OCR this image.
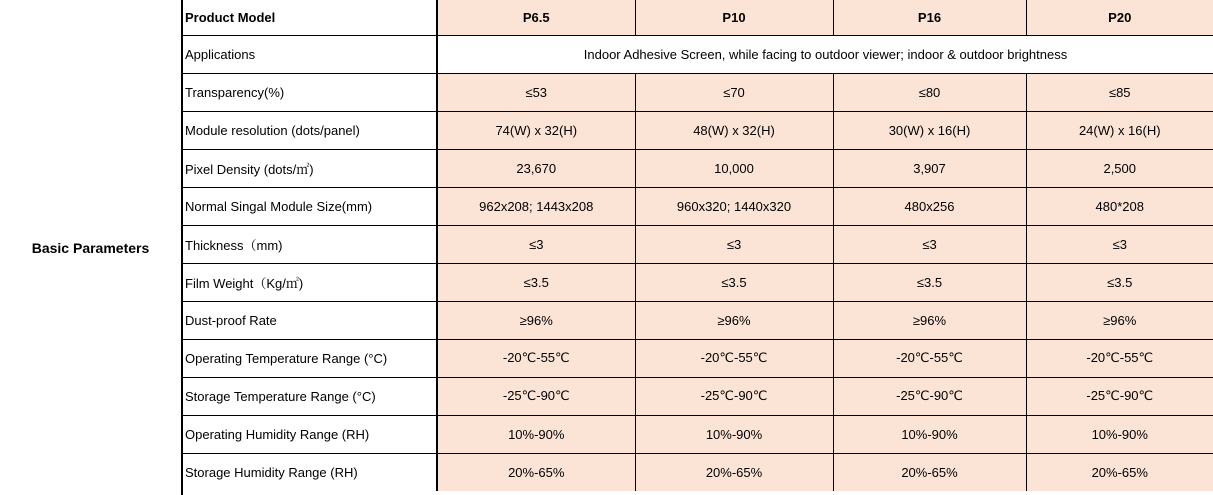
Basic Parameters
Product Model	P6.5	P10	P16	P20
Applications	Indoor Adhesive Screen, while facing to outdoor viewer; indoor & outdoor brightness			
Transparency(%)	≤53	≤70	≤80	≤85
Module resolution (dots/panel)	74(W) x 32(H)	48(W) x 32(H)	30(W) x 16(H)	24(W) x 16(H)
Pixel Density (dots/㎡)	23,670	10,000	3,907	2,500
Normal Singal Module Size(mm)	962x208; 1443x208	960x320; 1440x320	480x256	480*208
Thickness（mm)	≤3	≤3	≤3	≤3
Film Weight（Kg/㎡)	≤3.5	≤3.5	≤3.5	≤3.5
Dust-proof Rate	≥96%	≥96%	≥96%	≥96%
Operating Temperature Range (°C)	-20℃-55℃	-20℃-55℃	-20℃-55℃	-20℃-55℃
Storage Temperature Range (°C)	-25℃-90℃	-25℃-90℃	-25℃-90℃	-25℃-90℃
Operating Humidity Range (RH)	10%-90%	10%-90%	10%-90%	10%-90%
Storage Humidity Range (RH)	20%-65%	20%-65%	20%-65%	20%-65%
